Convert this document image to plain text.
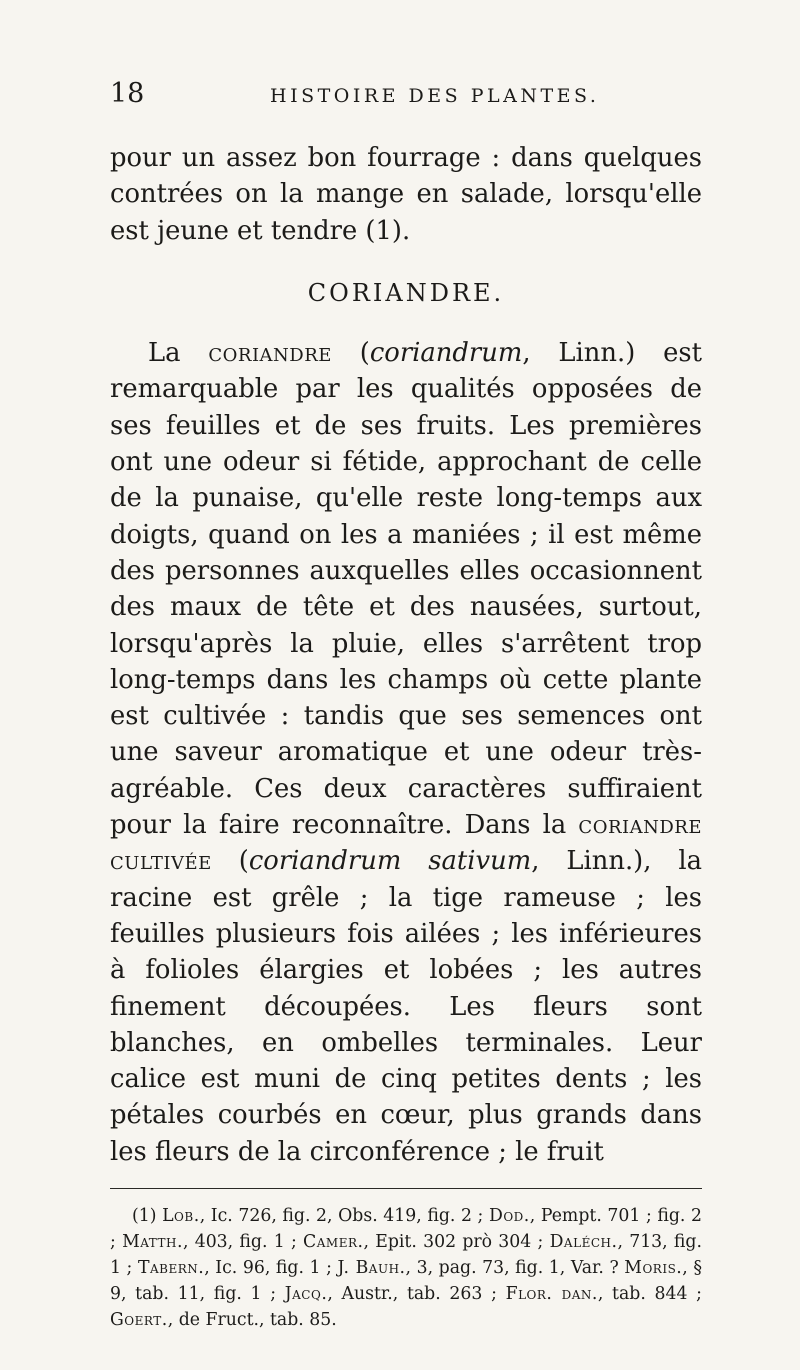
18	HISTOIRE DES PLANTES.

pour un assez bon fourrage : dans quelques contrées on la mange en salade, lorsqu'elle est jeune et tendre (1).

CORIANDRE.

La coriandre (coriandrum, Linn.) est remarquable par les qualités opposées de ses feuilles et de ses fruits. Les premières ont une odeur si fétide, approchant de celle de la punaise, qu'elle reste long-temps aux doigts, quand on les a maniées ; il est même des personnes auxquelles elles occasionnent des maux de tête et des nausées, surtout, lorsqu'après la pluie, elles s'arrêtent trop long-temps dans les champs où cette plante est cultivée : tandis que ses semences ont une saveur aromatique et une odeur très-agréable. Ces deux caractères suffiraient pour la faire reconnaître. Dans la coriandre cultivée (coriandrum sativum, Linn.), la racine est grêle ; la tige rameuse ; les feuilles plusieurs fois ailées ; les inférieures à folioles élargies et lobées ; les autres finement découpées. Les fleurs sont blanches, en ombelles terminales. Leur calice est muni de cinq petites dents ; les pétales courbés en cœur, plus grands dans les fleurs de la circonférence ; le fruit

(1) Lob., Ic. 726, fig. 2, Obs. 419, fig. 2 ; Dod., Pempt. 701 ; fig. 2 ; Matth., 403, fig. 1 ; Camer., Epit. 302 prò 304 ; Daléch., 713, fig. 1 ; Tabern., Ic. 96, fig. 1 ; J. Bauh., 3, pag. 73, fig. 1, Var. ? Moris., § 9, tab. 11, fig. 1 ; Jacq., Austr., tab. 263 ; Flor. dan., tab. 844 ; Goert., de Fruct., tab. 85.
